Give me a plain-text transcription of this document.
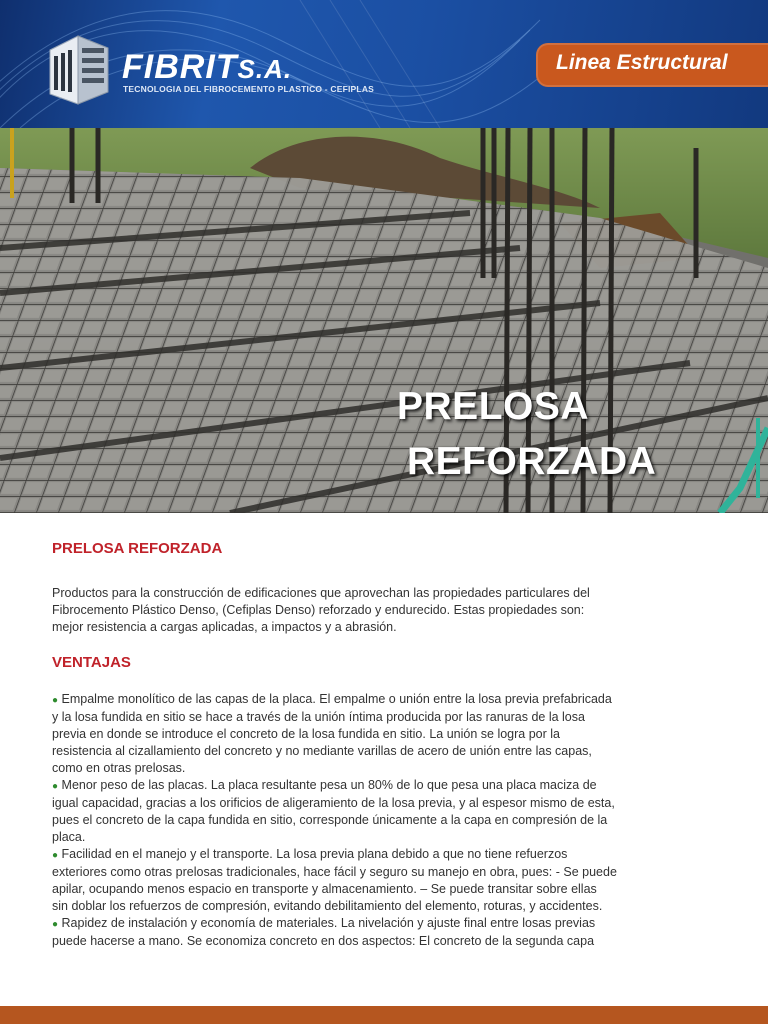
FIBRITS.A.
TECNOLOGIA DEL FIBROCEMENTO PLASTICO - CEFIPLAS
Linea Estructural
PRELOSA
REFORZADA
PRELOSA REFORZADA

Productos para la construcción de edificaciones que aprovechan las propiedades particulares del

Fibrocemento Plástico Denso, (Cefiplas Denso) reforzado y endurecido. Estas propiedades son:

mejor resistencia a cargas aplicadas, a impactos y a abrasión.

VENTAJAS

● Empalme monolítico de las capas de la placa. El empalme o unión entre la losa previa prefabricada

y la losa fundida en sitio se hace a través de la unión íntima producida por las ranuras de la losa

previa en donde se introduce el concreto de la losa fundida en sitio. La unión se logra por la

resistencia al cizallamiento del concreto y no mediante varillas de acero de unión entre las capas,

como en otras prelosas.

● Menor peso de las placas. La placa resultante pesa un 80% de lo que pesa una placa maciza de

igual capacidad, gracias a los orificios de aligeramiento de la losa previa, y al espesor mismo de esta,

pues el concreto de la capa fundida en sitio, corresponde únicamente a la capa en compresión de la

placa.

● Facilidad en el manejo y el transporte. La losa previa plana debido a que no tiene refuerzos

exteriores como otras prelosas tradicionales, hace fácil y seguro su manejo en obra, pues: - Se puede

apilar, ocupando menos espacio en transporte y almacenamiento. – Se puede transitar sobre ellas

sin doblar los refuerzos de compresión, evitando debilitamiento del elemento, roturas, y accidentes.

● Rapidez de instalación y economía de materiales. La nivelación y ajuste final entre losas previas

puede hacerse a mano. Se economiza concreto en dos aspectos: El concreto de la segunda capa
